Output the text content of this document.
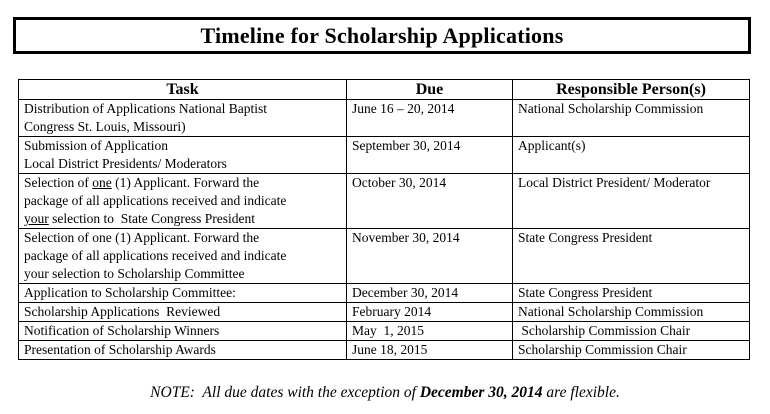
Timeline for Scholarship Applications
Task	Due	Responsible Person(s)

Distribution of Applications National Baptist
Congress St. Louis, Missouri)	June 16 – 20, 2014	National Scholarship Commission

Submission of Application
Local District Presidents/ Moderators	September 30, 2014	Applicant(s)

Selection of one (1) Applicant. Forward the
package of all applications received and indicate
your selection to  State Congress President	October 30, 2014	Local District President/ Moderator

Selection of one (1) Applicant. Forward the
package of all applications received and indicate
your selection to Scholarship Committee	November 30, 2014	State Congress President
Application to Scholarship Committee:	December 30, 2014	State Congress President
Scholarship Applications  Reviewed	February 2014	National Scholarship Commission
Notification of Scholarship Winners	May  1, 2015	Scholarship Commission Chair
Presentation of Scholarship Awards	June 18, 2015	Scholarship Commission Chair
NOTE:  All due dates with the exception of December 30, 2014 are flexible.
